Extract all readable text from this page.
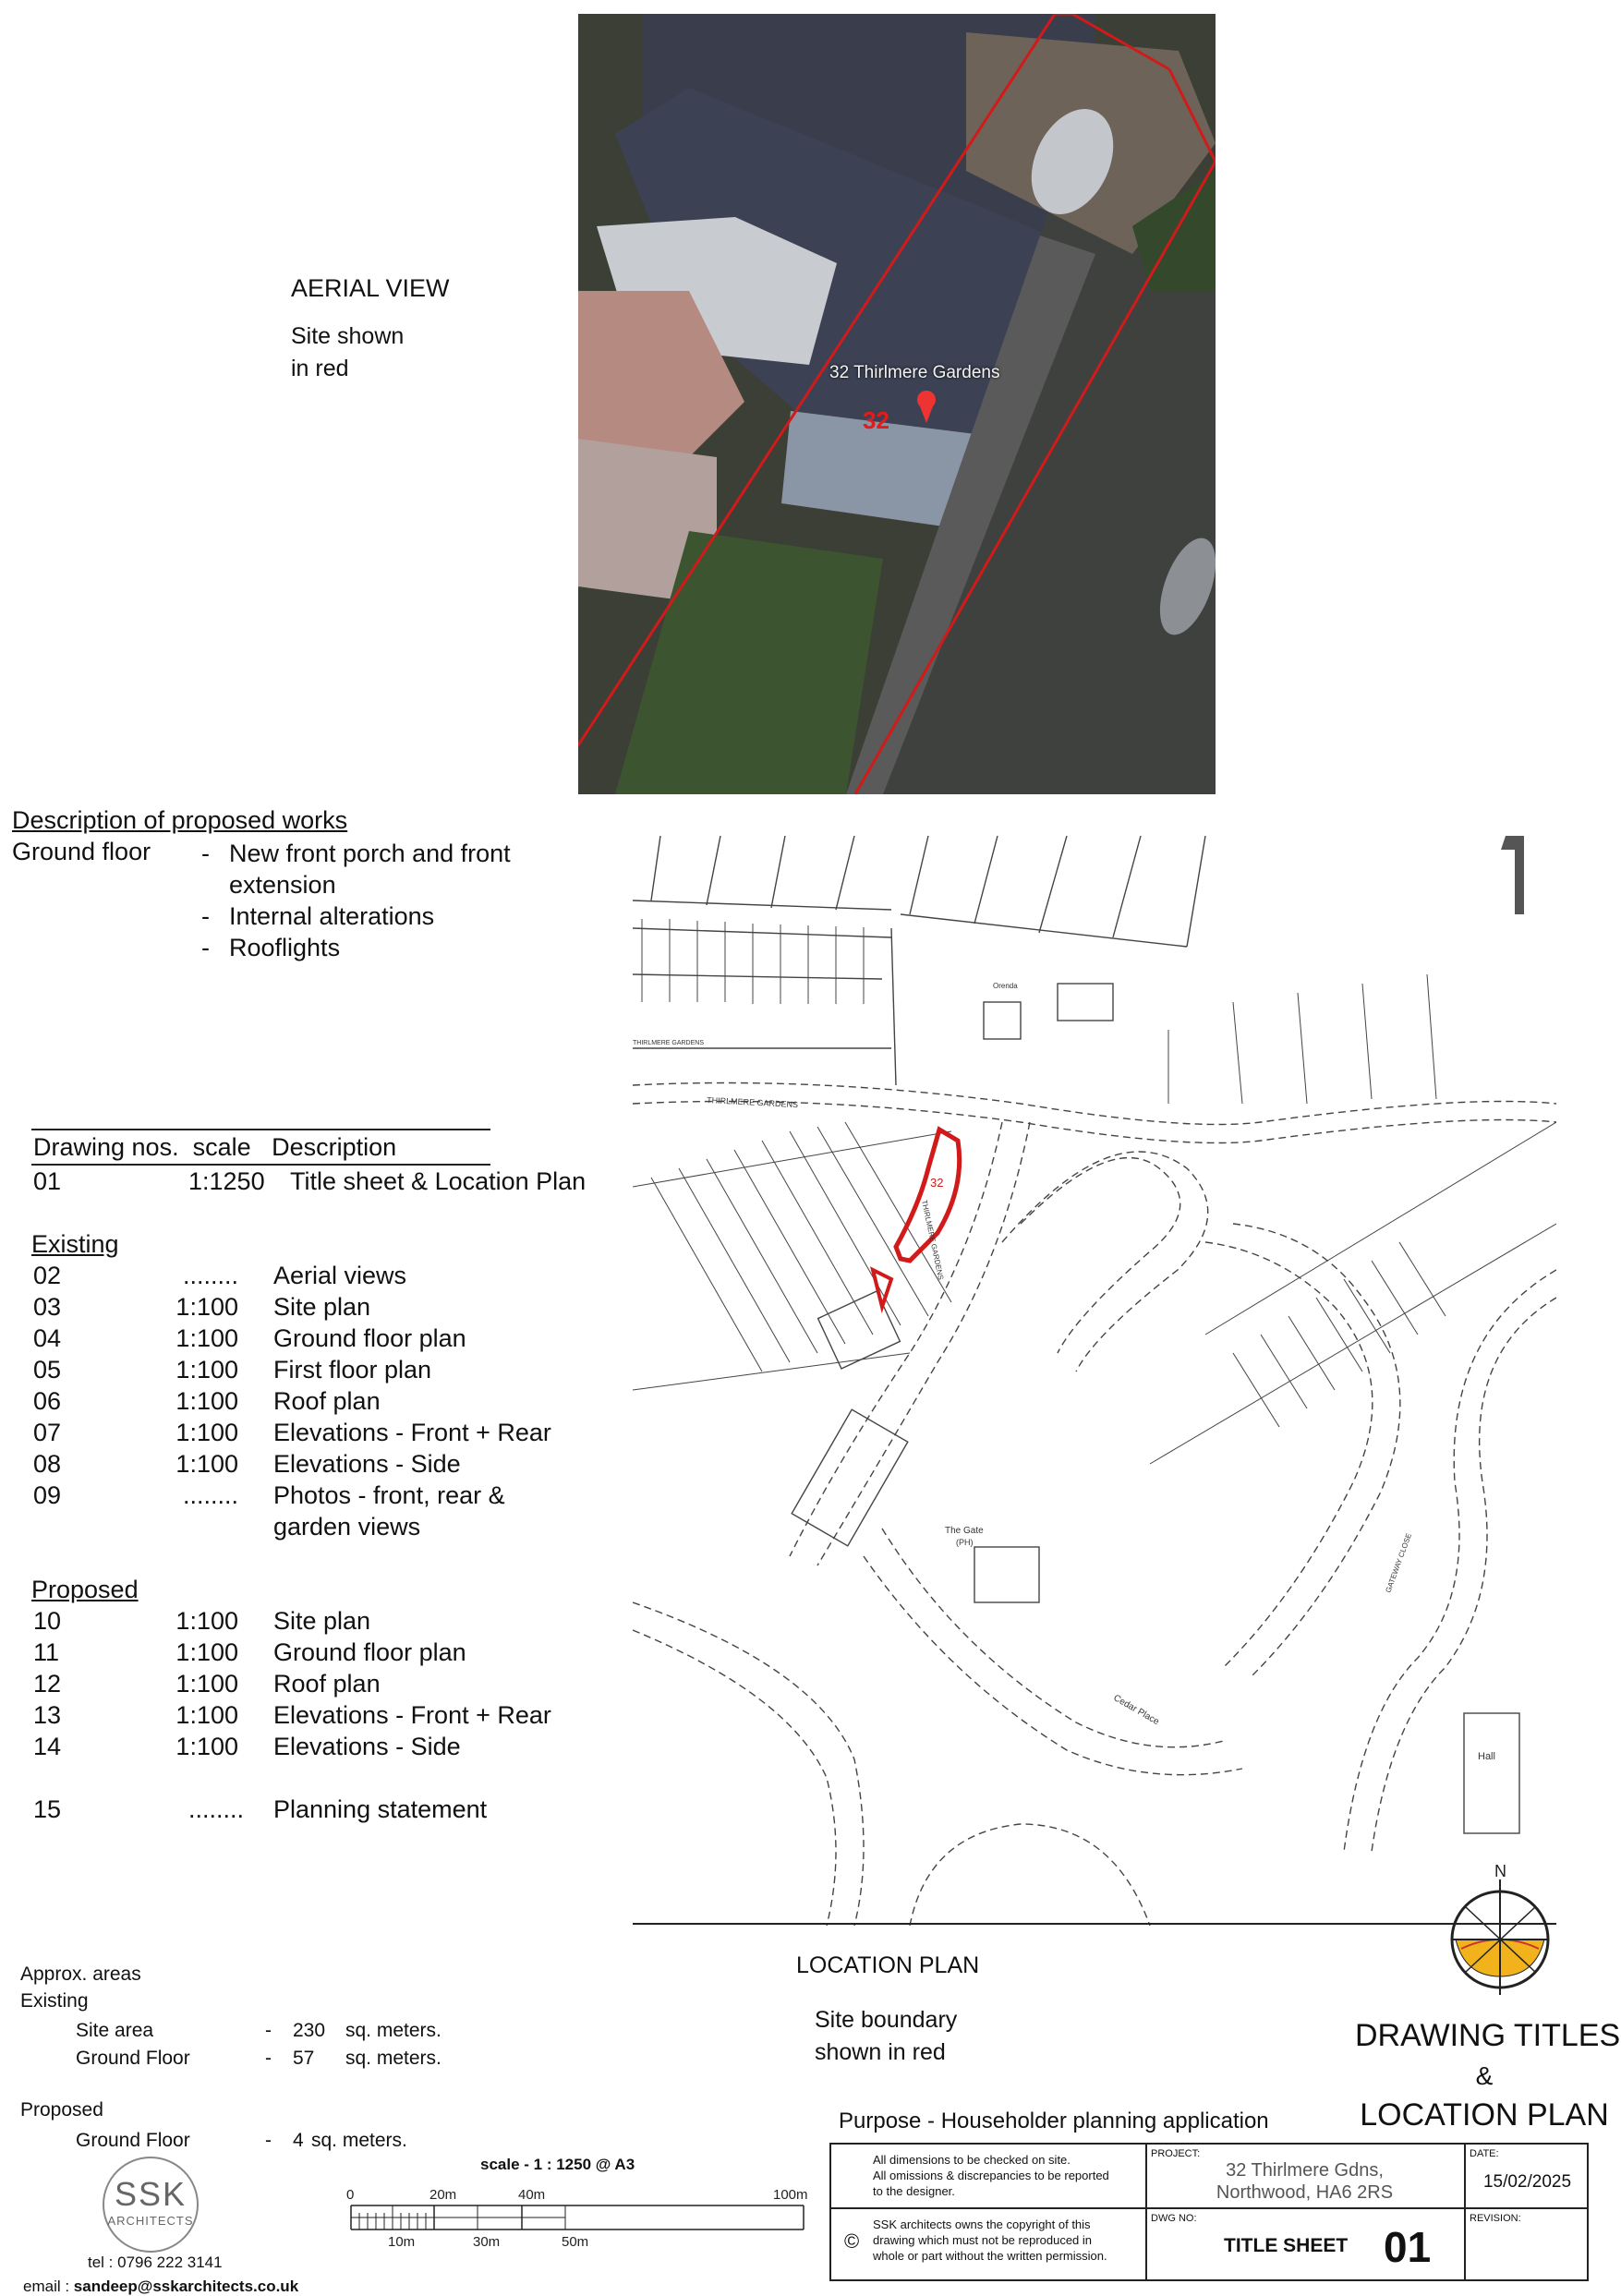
32 Thirlmere Gardens
32
AERIAL VIEW
Site shown
in red
Description of proposed works
Ground floor - New front porch and front
extension
- Internal alterations
- Rooflights
Drawing nos. scale Description
01	1:1250 Title sheet & Location Plan
Existing
02	........ Aerial views
03	1:100 Site plan
04	1:100 Ground floor plan
05	1:100 First floor plan
06	1:100 Roof plan
07	1:100 Elevations - Front + Rear
08	1:100 Elevations - Side
09	........ Photos - front, rear &
garden views
Proposed
10	1:100 Site plan
11	1:100 Ground floor plan
12	1:100 Roof plan
13	1:100 Elevations - Front + Rear
14	1:100 Elevations - Side
15	........ Planning statement
THIRLMERE GARDENS
THIRLMERE GARDENS
THIRLMERE GARDENS
GATEWAY CLOSE
Cedar Place
The Gate
(PH)
Hall
Orenda
32
N
LOCATION PLAN
Site boundary
shown in red
Approx. areas
Existing
Site area	- 230 sq. meters.
Ground Floor	- 57 sq. meters.
Proposed
Ground Floor	- 4 sq. meters.
SSK
ARCHITECTS
tel : 0796 222 3141
email : sandeep@sskarchitects.co.uk
scale - 1 : 1250 @ A3
0	20m	40m	100m
10m	30m	50m
DRAWING TITLES
&
LOCATION PLAN
Purpose - Householder planning application
All dimensions to be checked on site.
All omissions & discrepancies to be reported
to the designer.
©
SSK architects owns the copyright of this
drawing which must not be reproduced in
whole or part without the written permission.
PROJECT:
32 Thirlmere Gdns,
Northwood, HA6 2RS
DATE:
15/02/2025
DWG NO:
TITLE SHEET 01
REVISION:
